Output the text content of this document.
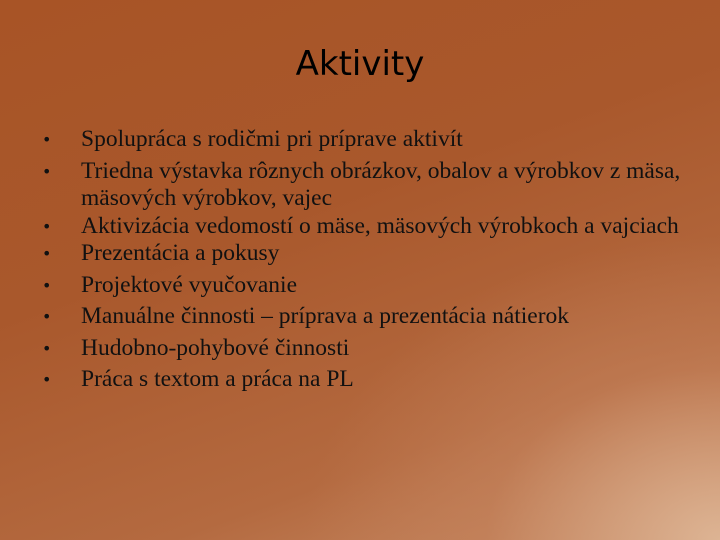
Aktivity
•	Spolupráca s rodičmi pri príprave aktivít
•	Triedna výstavka rôznych obrázkov, obalov a výrobkov z mäsa, mäsových výrobkov, vajec
•	Aktivizácia vedomostí o mäse, mäsových výrobkoch a vajciach
•	Prezentácia a pokusy
•	Projektové vyučovanie
•	Manuálne činnosti – príprava a prezentácia nátierok
•	Hudobno-pohybové činnosti
•	Práca s textom a práca na PL
